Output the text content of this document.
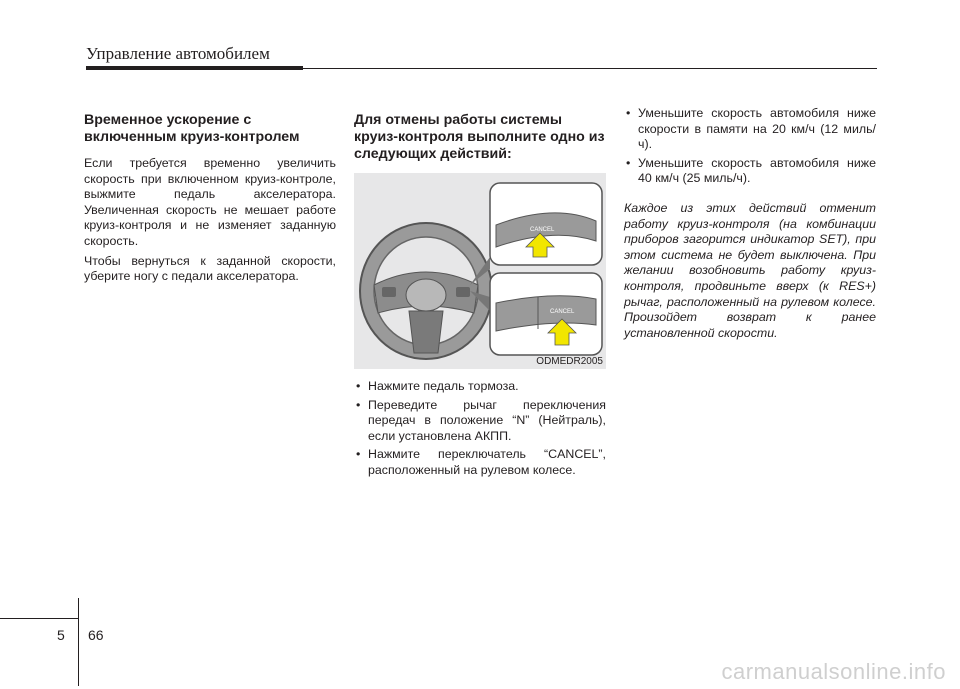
Управление автомобилем
Временное ускорение с включенным круиз-контролем

Если требуется временно увеличить скорость при включенном круиз-контроле, выжмите педаль акселератора. Увеличенная скорость не мешает работе круиз-контроля и не изменяет заданную скорость.

Чтобы вернуться к заданной скорости, уберите ногу с педали акселератора.

Для отмены работы системы круиз-контроля выполните одно из следующих действий:
CANCEL
CANCEL
ODMEDR2005
• Нажмите педаль тормоза.
• Переведите рычаг переключения передач в положение “N” (Нейтраль), если установлена АКПП.
• Нажмите переключатель “CANCEL”, расположенный на рулевом колесе.
• Уменьшите скорость автомобиля ниже скорости в памяти на 20 км/ч (12 миль/ч).
• Уменьшите скорость автомобиля ниже 40 км/ч (25 миль/ч).

Каждое из этих действий отменит работу круиз-контроля (на комбинации приборов загорится индикатор SET), при этом система не будет выключена. При желании возобновить работу круиз-контроля, продвиньте вверх (к RES+) рычаг, расположенный на рулевом колесе. Произойдет возврат к ранее установленной скорости.

5 66
carmanualsonline.info
